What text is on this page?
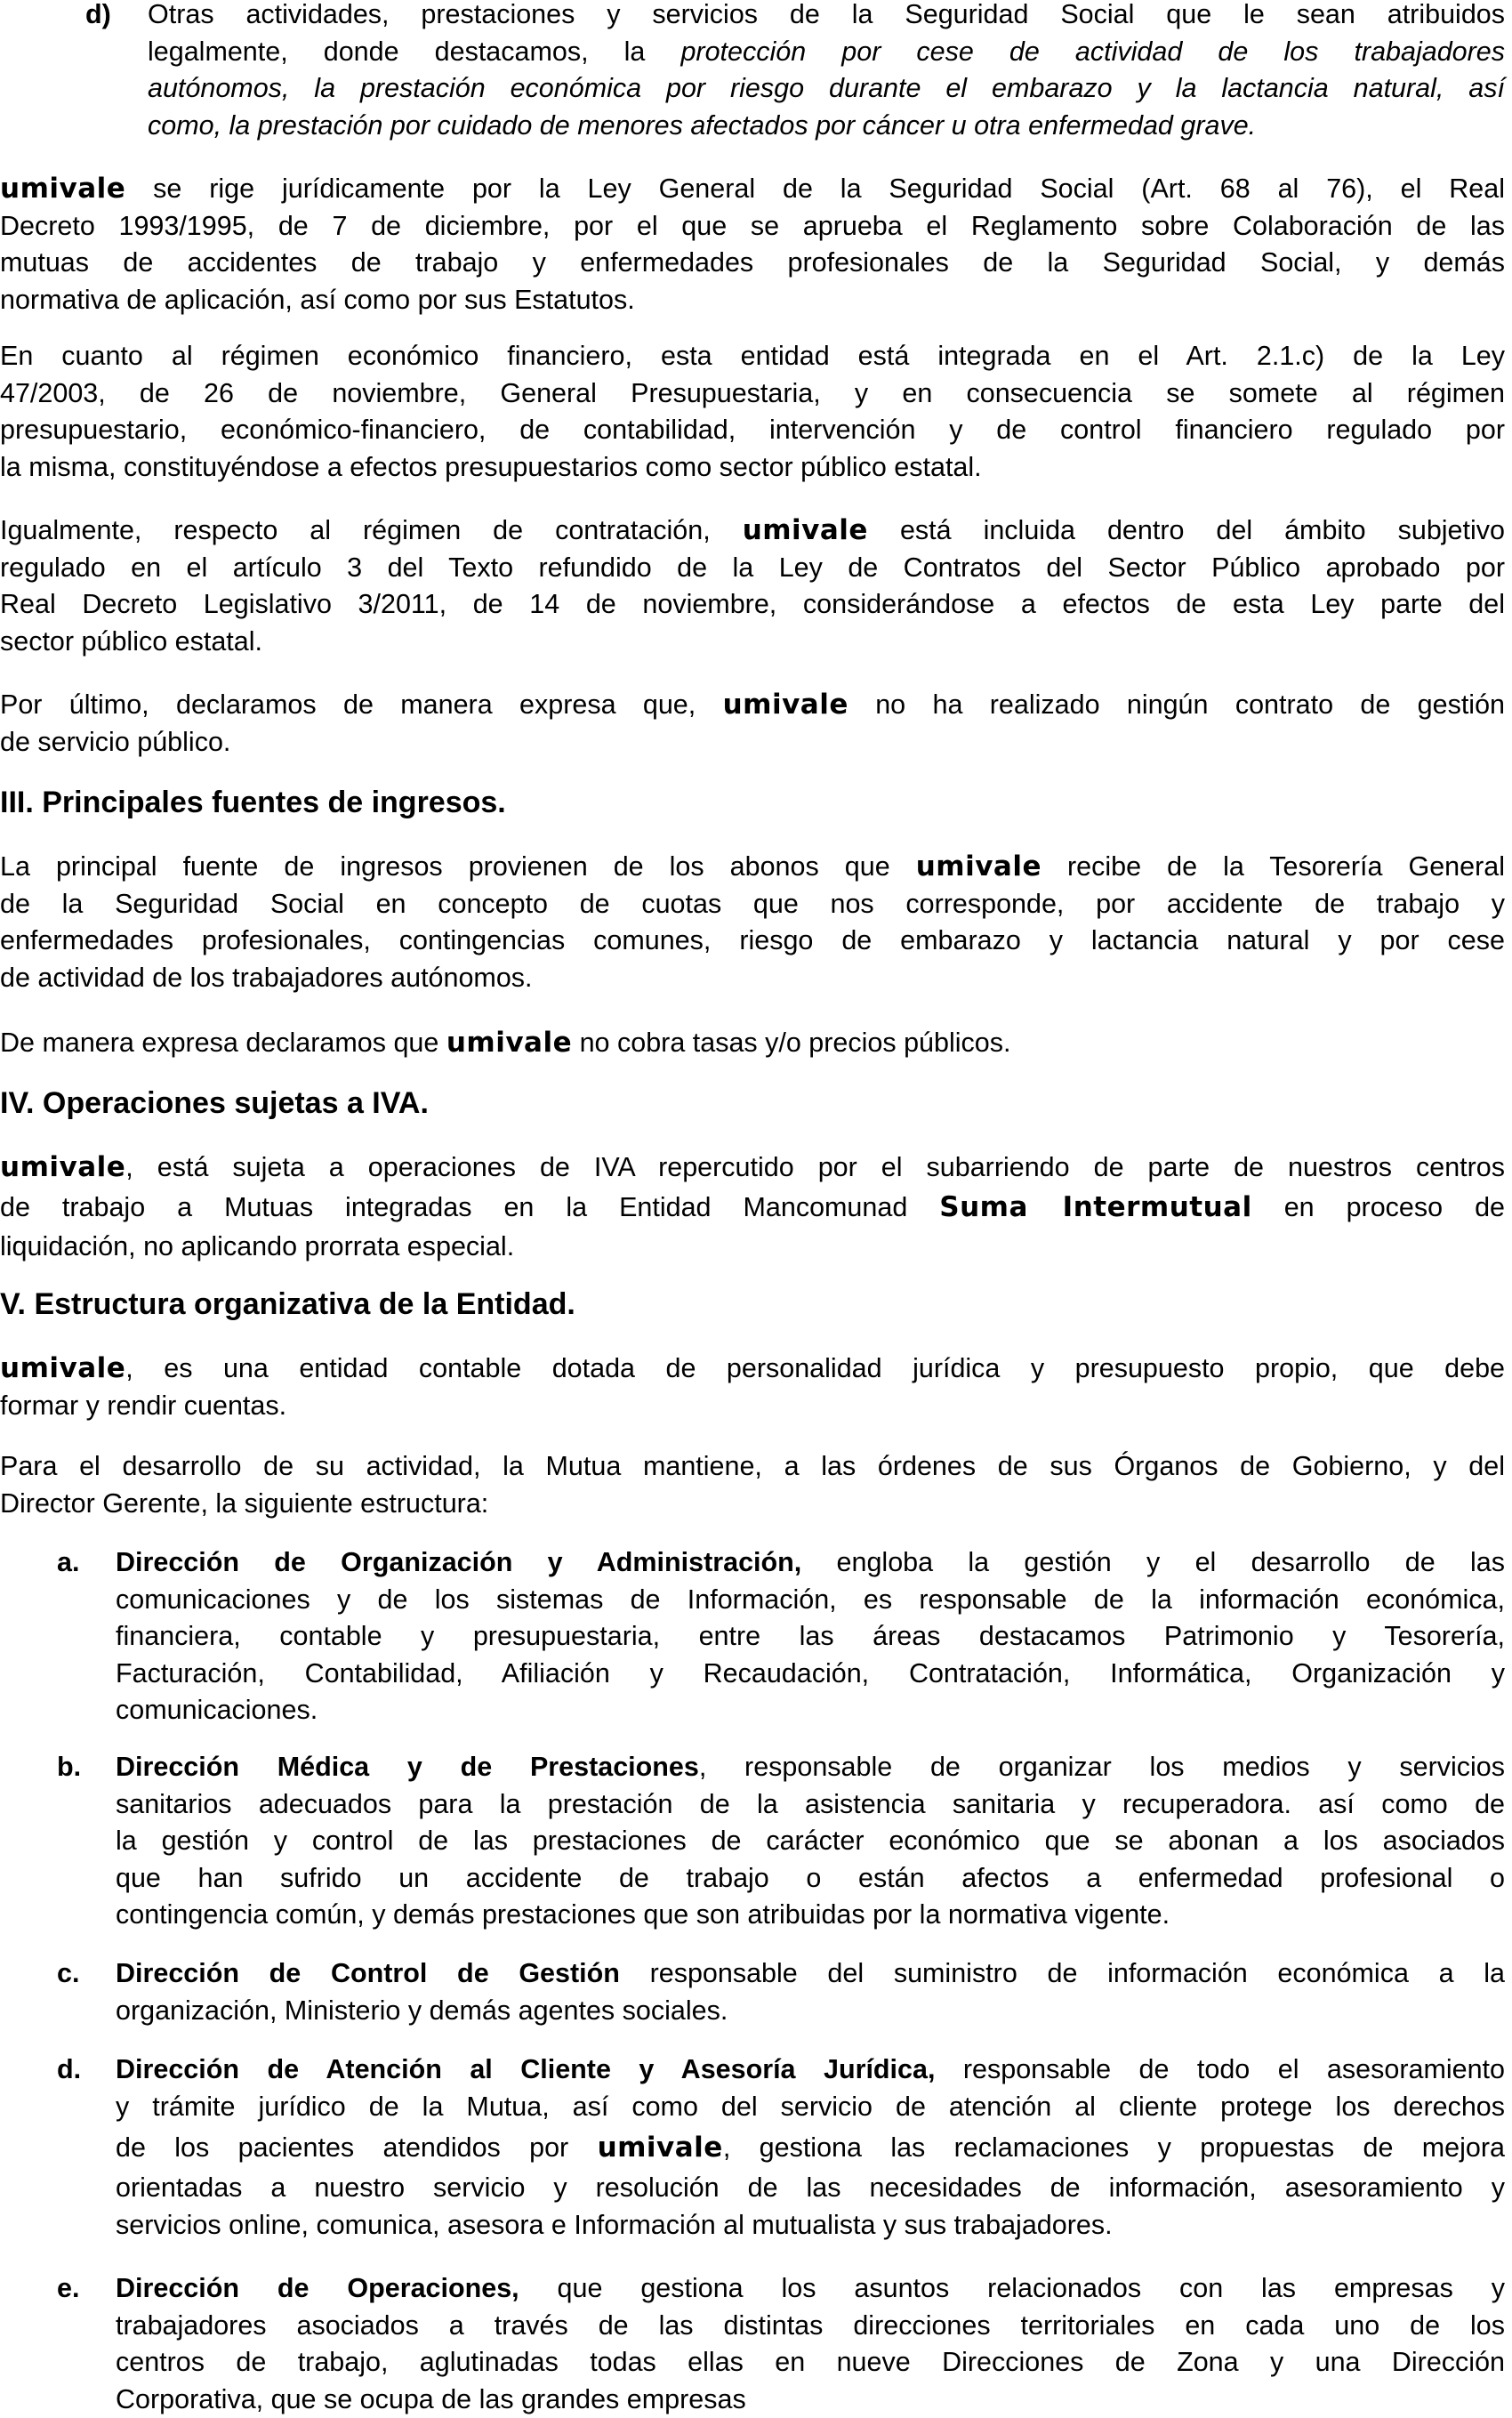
d) Otras actividades, prestaciones y servicios de la Seguridad Social que le sean atribuidos
legalmente, donde destacamos, la protección por cese de actividad de los trabajadores
autónomos, la prestación económica por riesgo durante el embarazo y la lactancia natural, así
como, la prestación por cuidado de menores afectados por cáncer u otra enfermedad grave.
umivale se rige jurídicamente por la Ley General de la Seguridad Social (Art. 68 al 76), el Real
Decreto 1993/1995, de 7 de diciembre, por el que se aprueba el Reglamento sobre Colaboración de las
mutuas de accidentes de trabajo y enfermedades profesionales de la Seguridad Social, y demás
normativa de aplicación, así como por sus Estatutos.
En cuanto al régimen económico financiero, esta entidad está integrada en el Art. 2.1.c) de la Ley
47/2003, de 26 de noviembre, General Presupuestaria, y en consecuencia se somete al régimen
presupuestario, económico-financiero, de contabilidad, intervención y de control financiero regulado por
la misma, constituyéndose a efectos presupuestarios como sector público estatal.
Igualmente, respecto al régimen de contratación, umivale está incluida dentro del ámbito subjetivo
regulado en el artículo 3 del Texto refundido de la Ley de Contratos del Sector Público aprobado por
Real Decreto Legislativo 3/2011, de 14 de noviembre, considerándose a efectos de esta Ley parte del
sector público estatal.
Por último, declaramos de manera expresa que, umivale no ha realizado ningún contrato de gestión
de servicio público.
III. Principales fuentes de ingresos.
La principal fuente de ingresos provienen de los abonos que umivale recibe de la Tesorería General
de la Seguridad Social en concepto de cuotas que nos corresponde, por accidente de trabajo y
enfermedades profesionales, contingencias comunes, riesgo de embarazo y lactancia natural y por cese
de actividad de los trabajadores autónomos.
De manera expresa declaramos que umivale no cobra tasas y/o precios públicos.
IV. Operaciones sujetas a IVA.
umivale, está sujeta a operaciones de IVA repercutido por el subarriendo de parte de nuestros centros
de trabajo a Mutuas integradas en la Entidad Mancomunad Suma Intermutual en proceso de
liquidación, no aplicando prorrata especial.
V. Estructura organizativa de la Entidad.
umivale, es una entidad contable dotada de personalidad jurídica y presupuesto propio, que debe
formar y rendir cuentas.
Para el desarrollo de su actividad, la Mutua mantiene, a las órdenes de sus Órganos de Gobierno, y del
Director Gerente, la siguiente estructura:
a. Dirección de Organización y Administración, engloba la gestión y el desarrollo de las
comunicaciones y de los sistemas de Información, es responsable de la información económica,
financiera, contable y presupuestaria, entre las áreas destacamos Patrimonio y Tesorería,
Facturación, Contabilidad, Afiliación y Recaudación, Contratación, Informática, Organización y
comunicaciones.
b. Dirección Médica y de Prestaciones, responsable de organizar los medios y servicios
sanitarios adecuados para la prestación de la asistencia sanitaria y recuperadora. así como de
la gestión y control de las prestaciones de carácter económico que se abonan a los asociados
que han sufrido un accidente de trabajo o están afectos a enfermedad profesional o
contingencia común, y demás prestaciones que son atribuidas por la normativa vigente.
c. Dirección de Control de Gestión responsable del suministro de información económica a la
organización, Ministerio y demás agentes sociales.
d. Dirección de Atención al Cliente y Asesoría Jurídica, responsable de todo el asesoramiento
y trámite jurídico de la Mutua, así como del servicio de atención al cliente protege los derechos
de los pacientes atendidos por umivale, gestiona las reclamaciones y propuestas de mejora
orientadas a nuestro servicio y resolución de las necesidades de información, asesoramiento y
servicios online, comunica, asesora e Información al mutualista y sus trabajadores.
e. Dirección de Operaciones, que gestiona los asuntos relacionados con las empresas y
trabajadores asociados a través de las distintas direcciones territoriales en cada uno de los
centros de trabajo, aglutinadas todas ellas en nueve Direcciones de Zona y una Dirección
Corporativa, que se ocupa de las grandes empresas
